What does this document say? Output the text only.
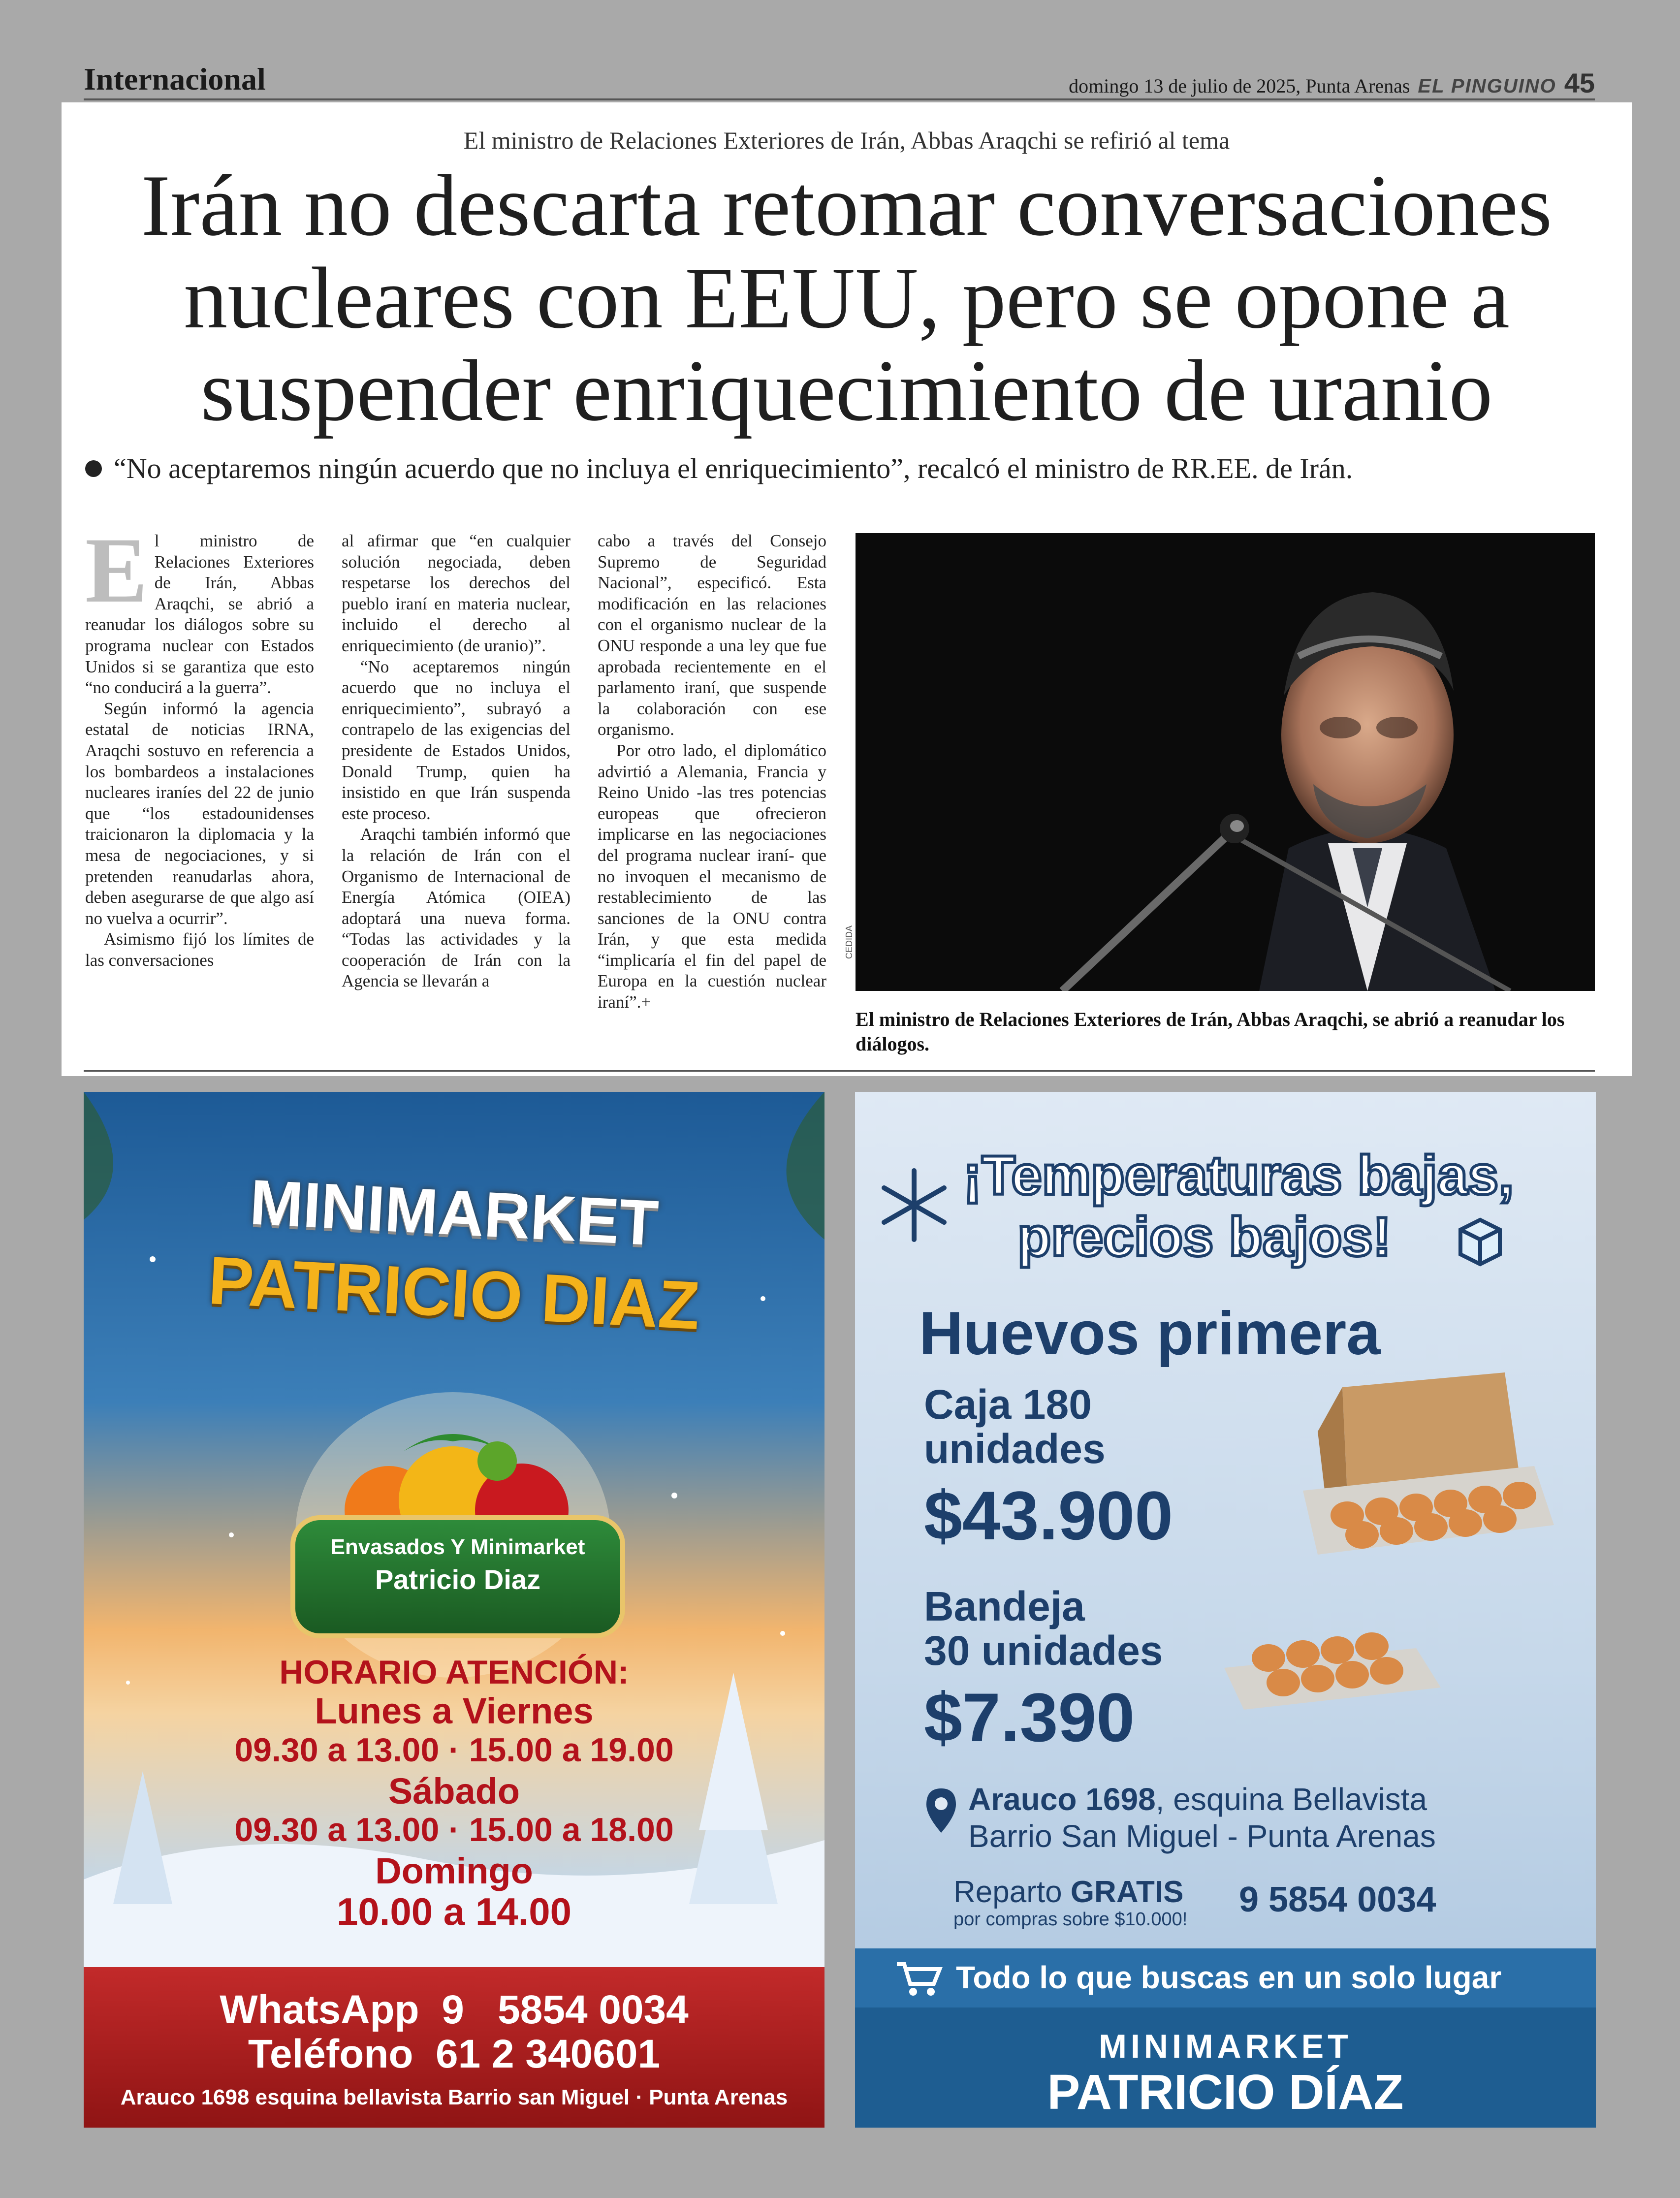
Internacional	domingo 13 de julio de 2025, Punta Arenas EL PINGUINO 45
El ministro de Relaciones Exteriores de Irán, Abbas Araqchi se refirió al tema
Irán no descarta retomar conversaciones
nucleares con EEUU, pero se opone a
suspender enriquecimiento de uranio
“No aceptaremos ningún acuerdo que no incluya el enriquecimiento”, recalcó el ministro de RR.EE. de Irán.

El ministro de Relaciones Exteriores de Irán, Abbas Araqchi, se abrió a reanudar los diálogos sobre su programa nuclear con Estados Unidos si se garantiza que esto “no conducirá a la guerra”.

Según informó la agencia estatal de noticias IRNA, Araqchi sostuvo en referencia a los bombardeos a instalaciones nucleares iraníes del 22 de junio que “los estadounidenses traicionaron la diplomacia y la mesa de negociaciones, y si pretenden reanudarlas ahora, deben asegurarse de que algo así no vuelva a ocurrir”.

Asimismo fijó los límites de las conversaciones

al afirmar que “en cualquier solución negociada, deben respetarse los derechos del pueblo iraní en materia nuclear, incluido el derecho al enriquecimiento (de uranio)”.

“No aceptaremos ningún acuerdo que no incluya el enriquecimiento”, subrayó a contrapelo de las exigencias del presidente de Estados Unidos, Donald Trump, quien ha insistido en que Irán suspenda este proceso.

Araqchi también informó que la relación de Irán con el Organismo de Internacional de Energía Atómica (OIEA) adoptará una nueva forma. “Todas las actividades y la cooperación de Irán con la Agencia se llevarán a

cabo a través del Consejo Supremo de Seguridad Nacional”, especificó. Esta modificación en las relaciones con el organismo nuclear de la ONU responde a una ley que fue aprobada recientemente en el parlamento iraní, que suspende la colaboración con ese organismo.

Por otro lado, el diplomático advirtió a Alemania, Francia y Reino Unido -las tres potencias europeas que ofrecieron implicarse en las negociaciones del programa nuclear iraní- que no invoquen el mecanismo de restablecimiento de las sanciones de la ONU contra Irán, y que esta medida “implicaría el fin del papel de Europa en la cuestión nuclear iraní”.+

CEDIDA
El ministro de Relaciones Exteriores de Irán, Abbas Araqchi, se abrió a reanudar los diálogos.
MINIMARKET
PATRICIO DIAZ
Envasados Y Minimarket
Patricio Diaz
HORARIO ATENCIÓN:
Lunes a Viernes
09.30 a 13.00 · 15.00 a 19.00
Sábado
09.30 a 13.00 · 15.00 a 18.00
Domingo
10.00 a 14.00
WhatsApp  9   5854 0034
Teléfono  61 2 340601
Arauco 1698 esquina bellavista Barrio san Miguel · Punta Arenas
¡Temperaturas bajas,
precios bajos!
Huevos primera
Caja 180
unidades
$43.900
Bandeja
30 unidades
$7.390
Arauco 1698, esquina Bellavista
Barrio San Miguel - Punta Arenas
Reparto GRATIS
por compras sobre $10.000! 9 5854 0034
Todo lo que buscas en un solo lugar
MINIMARKET
PATRICIO DÍAZ
